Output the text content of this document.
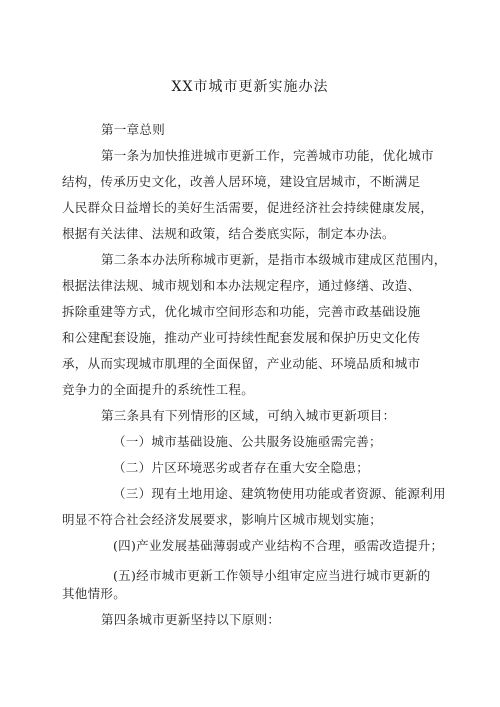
XX市城市更新实施办法
第一章总则
第一条为加快推进城市更新工作，完善城市功能，优化城市
结构，传承历史文化，改善人居环境，建设宜居城市，不断满足
人民群众日益增长的美好生活需要，促进经济社会持续健康发展，
根据有关法律、法规和政策，结合娄底实际，制定本办法。
第二条本办法所称城市更新，是指市本级城市建成区范围内，
根据法律法规、城市规划和本办法规定程序，通过修缮、改造、
拆除重建等方式，优化城市空间形态和功能，完善市政基础设施
和公建配套设施，推动产业可持续性配套发展和保护历史文化传
承，从而实现城市肌理的全面保留，产业动能、环境品质和城市
竞争力的全面提升的系统性工程。
第三条具有下列情形的区域，可纳入城市更新项目：
（一）城市基础设施、公共服务设施亟需完善；
（二）片区环境恶劣或者存在重大安全隐患；
（三）现有土地用途、建筑物使用功能或者资源、能源利用
明显不符合社会经济发展要求，影响片区城市规划实施；
(四)产业发展基础薄弱或产业结构不合理，亟需改造提升；
(五)经市城市更新工作领导小组审定应当进行城市更新的
其他情形。
第四条城市更新坚持以下原则：
